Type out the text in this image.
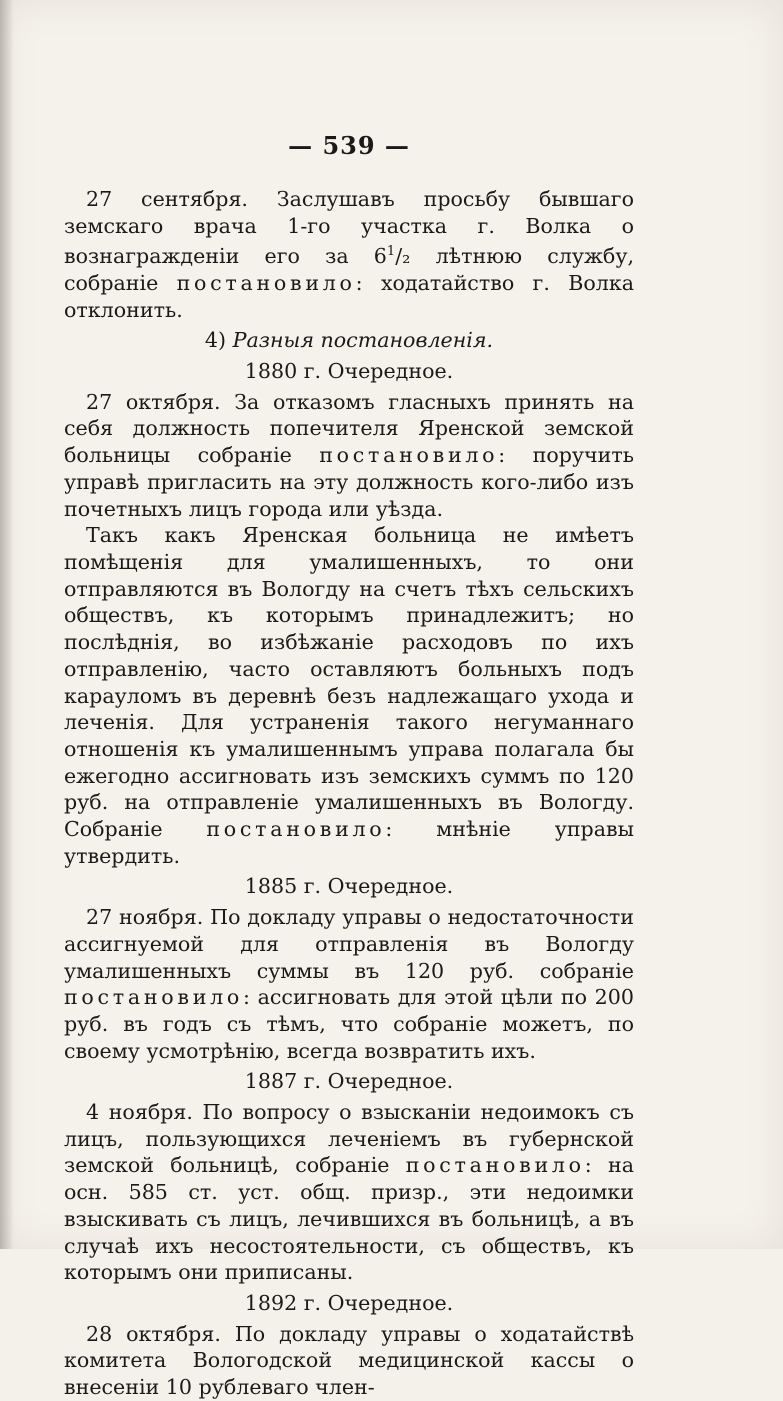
— 539 —

27 сентября. Заслушавъ просьбу бывшаго земскаго врача 1-го участка г. Волка о вознагражденіи его за $6^1/_2$ лѣтнюю службу, собраніе постановило: ходатайство г. Волка отклонить.

4) Разныя постановленія.
1880 г. Очередное.

27 октября. За отказомъ гласныхъ принять на себя должность попечителя Яренской земской больницы собраніе постановило: поручить управѣ пригласить на эту должность кого-либо изъ почетныхъ лицъ города или уѣзда.

Такъ какъ Яренская больница не имѣетъ помѣщенія для умалишенныхъ, то они отправляются въ Вологду на счетъ тѣхъ сельскихъ обществъ, къ которымъ принадлежитъ; но послѣднія, во избѣжаніе расходовъ по ихъ отправленію, часто оставляютъ больныхъ подъ карауломъ въ деревнѣ безъ надлежащаго ухода и леченія. Для устраненія такого негуманнаго отношенія къ умалишеннымъ управа полагала бы ежегодно ассигновать изъ земскихъ суммъ по 120 руб. на отправленіе умалишенныхъ въ Вологду. Собраніе постановило: мнѣніе управы утвердить.

1885 г. Очередное.

27 ноября. По докладу управы о недостаточности ассигнуемой для отправленія въ Вологду умалишенныхъ суммы въ 120 руб. собраніе постановило: ассигновать для этой цѣли по 200 руб. въ годъ съ тѣмъ, что собраніе можетъ, по своему усмотрѣнію, всегда возвратить ихъ.

1887 г. Очередное.

4 ноября. По вопросу о взысканіи недоимокъ съ лицъ, пользующихся леченіемъ въ губернской земской больницѣ, собраніе постановило: на осн. 585 ст. уст. общ. призр., эти недоимки взыскивать съ лицъ, лечившихся въ больницѣ, а въ случаѣ ихъ несостоятельности, съ обществъ, къ которымъ они приписаны.

1892 г. Очередное.

28 октября. По докладу управы о ходатайствѣ комитета Вологодской медицинской кассы о внесеніи 10 рублеваго член-
